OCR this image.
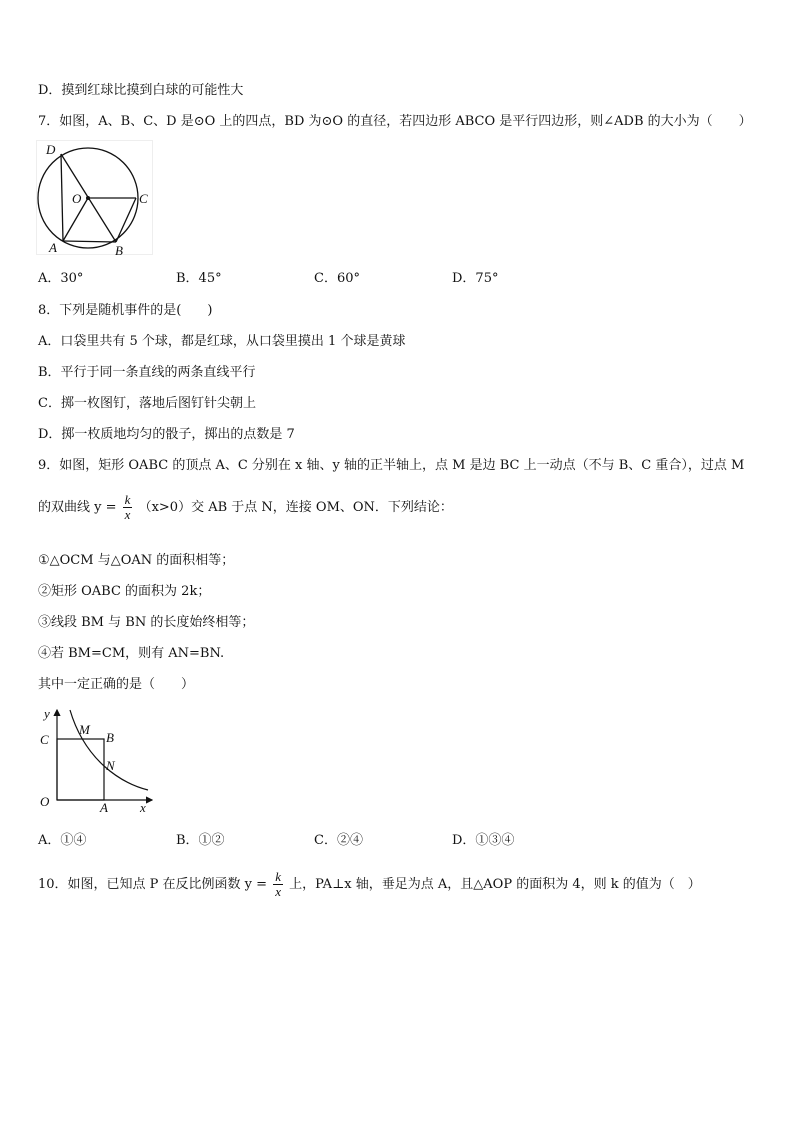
D．摸到红球比摸到白球的可能性大
7．如图，A、B、C、D 是⊙O 上的四点，BD 为⊙O 的直径，若四边形 ABCO 是平行四边形，则∠ADB 的大小为（　　）
D
O	C
A	B
A．30°	B．45°	C．60°	D．75°
8．下列是随机事件的是(　　)
A．口袋里共有 5 个球，都是红球，从口袋里摸出 1 个球是黄球
B．平行于同一条直线的两条直线平行
C．掷一枚图钉，落地后图钉针尖朝上
D．掷一枚质地均匀的骰子，掷出的点数是 7
9．如图，矩形 OABC 的顶点 A、C 分别在 x 轴、y 轴的正半轴上，点 M 是边 BC 上一动点（不与 B、C 重合），过点 M
的双曲线 $y = \frac{k}{x} (x>0)$交 AB 于点 N，连接 OM、ON．下列结论：
①△OCM 与△OAN 的面积相等；
②矩形 OABC 的面积为 2k；
③线段 BM 与 BN 的长度始终相等；
④若 BM=CM，则有 AN=BN.
其中一定正确的是（　　）
y
C
M
B
N
O	A x
A．①④	B．①②	C．②④	D．①③④
10．如图，已知点 P 在反比例函数 $y = \frac{k}{x}$ 上，PA⊥x 轴，垂足为点 A，且△AOP 的面积为 4，则 k 的值为（　）
